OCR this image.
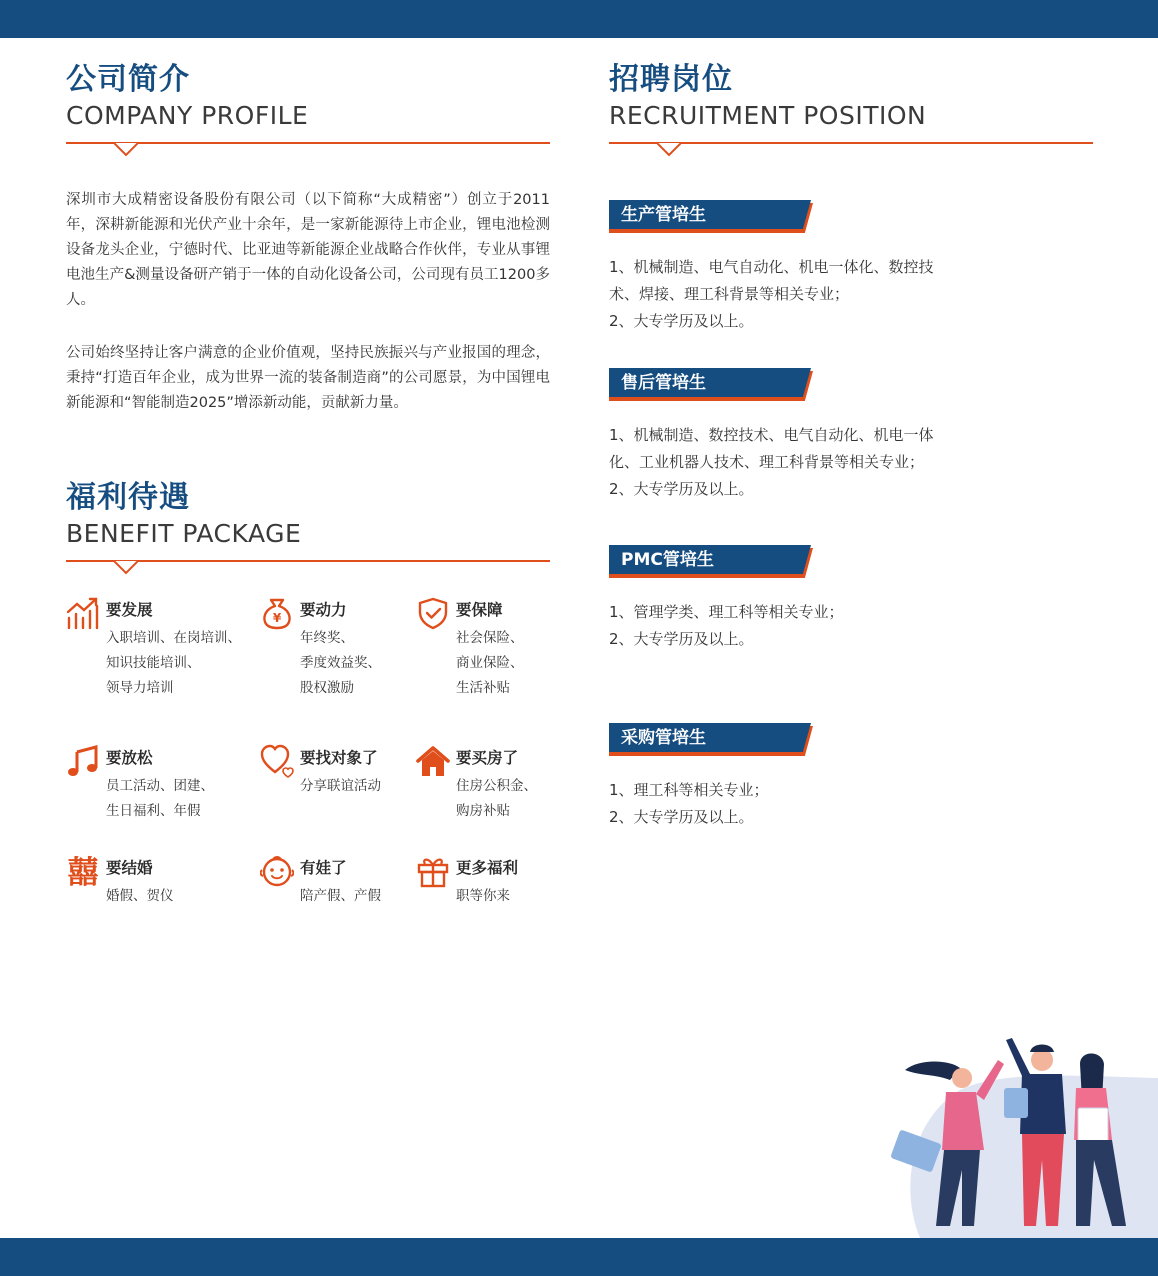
公司简介
COMPANY PROFILE

深圳市大成精密设备股份有限公司（以下简称“大成精密”）创立于2011年，深耕新能源和光伏产业十余年，是一家新能源待上市企业，锂电池检测设备龙头企业，宁德时代、比亚迪等新能源企业战略合作伙伴，专业从事锂电池生产&测量设备研产销于一体的自动化设备公司，公司现有员工1200多人。

公司始终坚持让客户满意的企业价值观，坚持民族振兴与产业报国的理念，秉持“打造百年企业，成为世界一流的装备制造商”的公司愿景，为中国锂电新能源和“智能制造2025”增添新动能，贡献新力量。

福利待遇
BENEFIT PACKAGE
要发展
入职培训、在岗培训、
知识技能培训、
领导力培训
¥ 要动力
年终奖、
季度效益奖、
股权激励
要保障
社会保险、
商业保险、
生活补贴
要放松
员工活动、团建、
生日福利、年假
要找对象了
分享联谊活动
要买房了
住房公积金、
购房补贴
囍 要结婚
婚假、贺仪
有娃了
陪产假、产假
更多福利
职等你来
招聘岗位
RECRUITMENT POSITION
生产管培生
1、机械制造、电气自动化、机电一体化、数控技术、焊接、理工科背景等相关专业；
2、大专学历及以上。
售后管培生
1、机械制造、数控技术、电气自动化、机电一体化、工业机器人技术、理工科背景等相关专业；
2、大专学历及以上。
PMC管培生
1、管理学类、理工科等相关专业；
2、大专学历及以上。
采购管培生
1、理工科等相关专业；
2、大专学历及以上。
